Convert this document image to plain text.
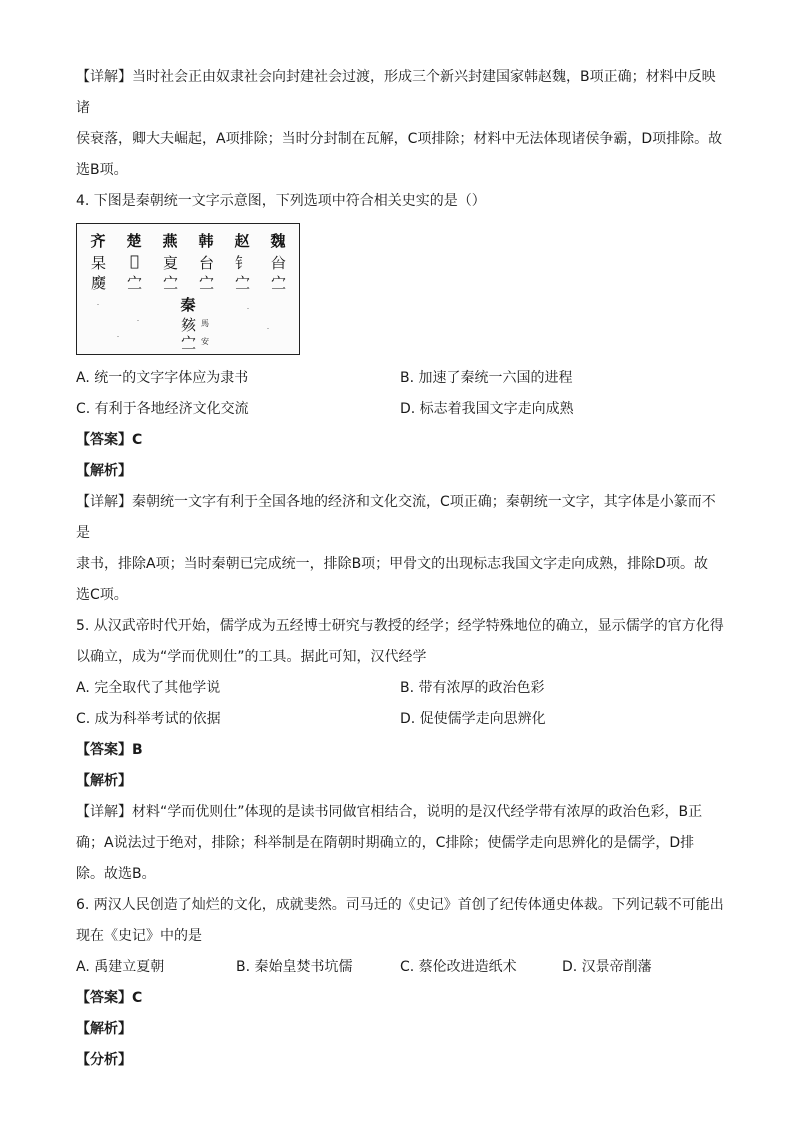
【详解】当时社会正由奴隶社会向封建社会过渡，形成三个新兴封建国家韩赵魏，B项正确；材料中反映诸

侯衰落，卿大夫崛起，A项排除；当时分封制在瓦解，C项排除；材料中无法体现诸侯争霸，D项排除。故

选B项。

4. 下图是秦朝统一文字示意图，下列选项中符合相关史实的是（）

齐	楚	燕	韩	赵	魏
杲	𠂻	㚆	台	钅	㒶
㸏	㝉	㝉	㝉	㝉	㝉
秦
㚊
㝉
馬
安
A. 统一的文字字体应为隶书	B. 加速了秦统一六国的进程
C. 有利于各地经济文化交流	D. 标志着我国文字走向成熟

【答案】C

【解析】

【详解】秦朝统一文字有利于全国各地的经济和文化交流，C项正确；秦朝统一文字，其字体是小篆而不是

隶书，排除A项；当时秦朝已完成统一，排除B项；甲骨文的出现标志我国文字走向成熟，排除D项。故

选C项。

5. 从汉武帝时代开始，儒学成为五经博士研究与教授的经学；经学特殊地位的确立，显示儒学的官方化得

以确立，成为“学而优则仕”的工具。据此可知，汉代经学

A. 完全取代了其他学说	B. 带有浓厚的政治色彩
C. 成为科举考试的依据	D. 促使儒学走向思辨化

【答案】B

【解析】

【详解】材料“学而优则仕”体现的是读书同做官相结合，说明的是汉代经学带有浓厚的政治色彩，B正

确；A说法过于绝对，排除；科举制是在隋朝时期确立的，C排除；使儒学走向思辨化的是儒学，D排

除。故选B。

6. 两汉人民创造了灿烂的文化，成就斐然。司马迁的《史记》首创了纪传体通史体裁。下列记载不可能出

现在《史记》中的是

A. 禹建立夏朝	B. 秦始皇焚书坑儒	C. 蔡伦改进造纸术	D. 汉景帝削藩

【答案】C

【解析】

【分析】
